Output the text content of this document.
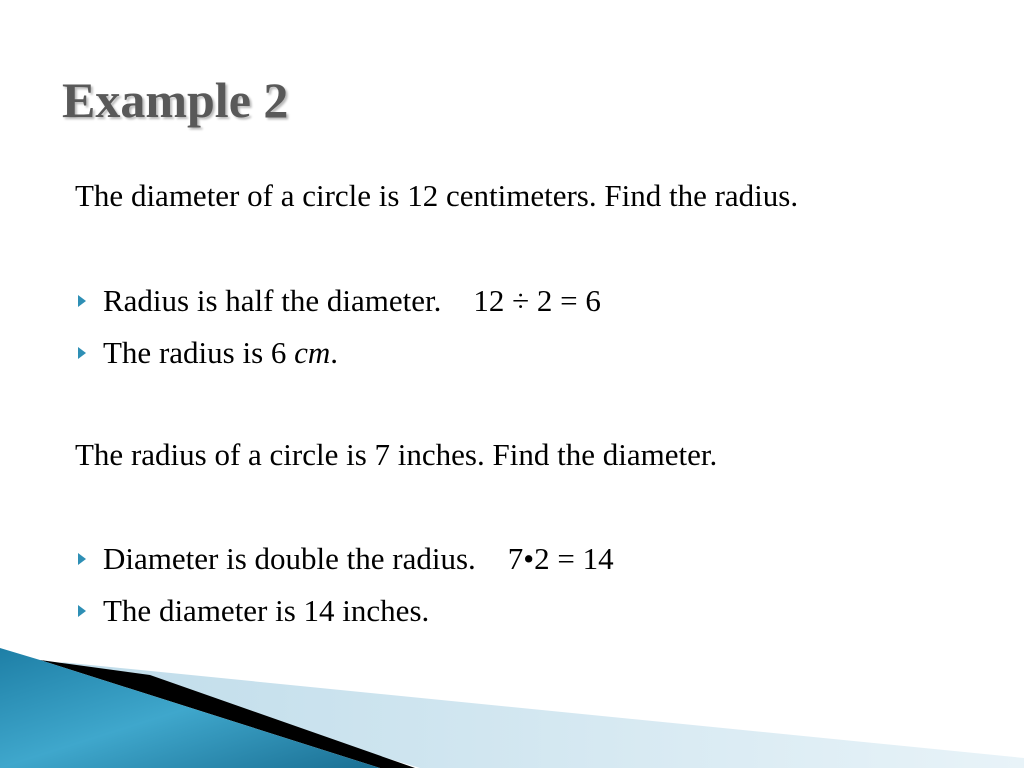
Example 2

The diameter of a circle is 12 centimeters. Find the radius.

Radius is half the diameter. 12 ÷ 2 = 6
The radius is 6 cm.

The radius of a circle is 7 inches. Find the diameter.

Diameter is double the radius. 7•2 = 14
The diameter is 14 inches.
